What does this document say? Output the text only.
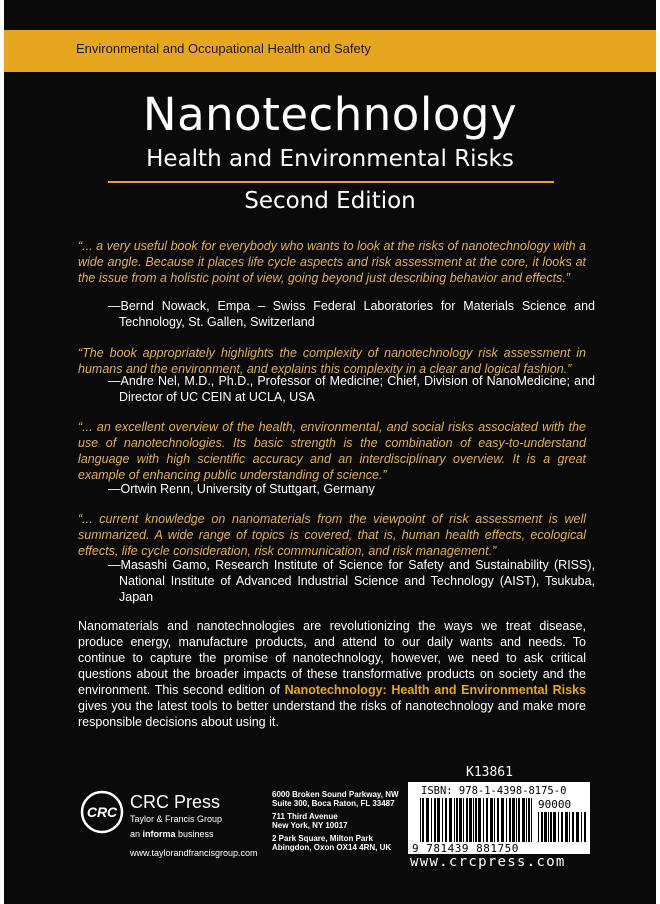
Environmental and Occupational Health and Safety
Nanotechnology
Health and Environmental Risks
Second Edition
“... a very useful book for everybody who wants to look at the risks of nanotechnology with a wide angle. Because it places life cycle aspects and risk assessment at the core, it looks at the issue from a holistic point of view, going beyond just describing behavior and effects.”
—Bernd Nowack, Empa – Swiss Federal Laboratories for Materials Science and Technology, St. Gallen, Switzerland
“The book appropriately highlights the complexity of nanotechnology risk assessment in humans and the environment, and explains this complexity in a clear and logical fashion.”
—Andre Nel, M.D., Ph.D., Professor of Medicine; Chief, Division of NanoMedicine; and Director of UC CEIN at UCLA, USA
“... an excellent overview of the health, environmental, and social risks associated with the use of nanotechnologies. Its basic strength is the combination of easy-to-understand language with high scientific accuracy and an interdisciplinary overview. It is a great example of enhancing public understanding of science.”
—Ortwin Renn, University of Stuttgart, Germany
“... current knowledge on nanomaterials from the viewpoint of risk assessment is well summarized. A wide range of topics is covered, that is, human health effects, ecological effects, life cycle consideration, risk communication, and risk management.”
—Masashi Gamo, Research Institute of Science for Safety and Sustainability (RISS), National Institute of Advanced Industrial Science and Technology (AIST), Tsukuba, Japan
Nanomaterials and nanotechnologies are revolutionizing the ways we treat disease, produce energy, manufacture products, and attend to our daily wants and needs. To continue to capture the promise of nanotechnology, however, we need to ask critical questions about the broader impacts of these transformative products on society and the environment. This second edition of Nanotechnology: Health and Environmental Risks gives you the latest tools to better understand the risks of nanotechnology and make more responsible decisions about using it.
K13861
CRC CRC Press
Taylor & Francis Group
an informa business
www.taylorandfrancisgroup.com
6000 Broken Sound Parkway, NW
Suite 300, Boca Raton, FL 33487
711 Third Avenue
New York, NY 10017
2 Park Square, Milton Park
Abingdon, Oxon OX14 4RN, UK
ISBN: 978-1-4398-8175-0
90000
9 781439 881750
www.crcpress.com
